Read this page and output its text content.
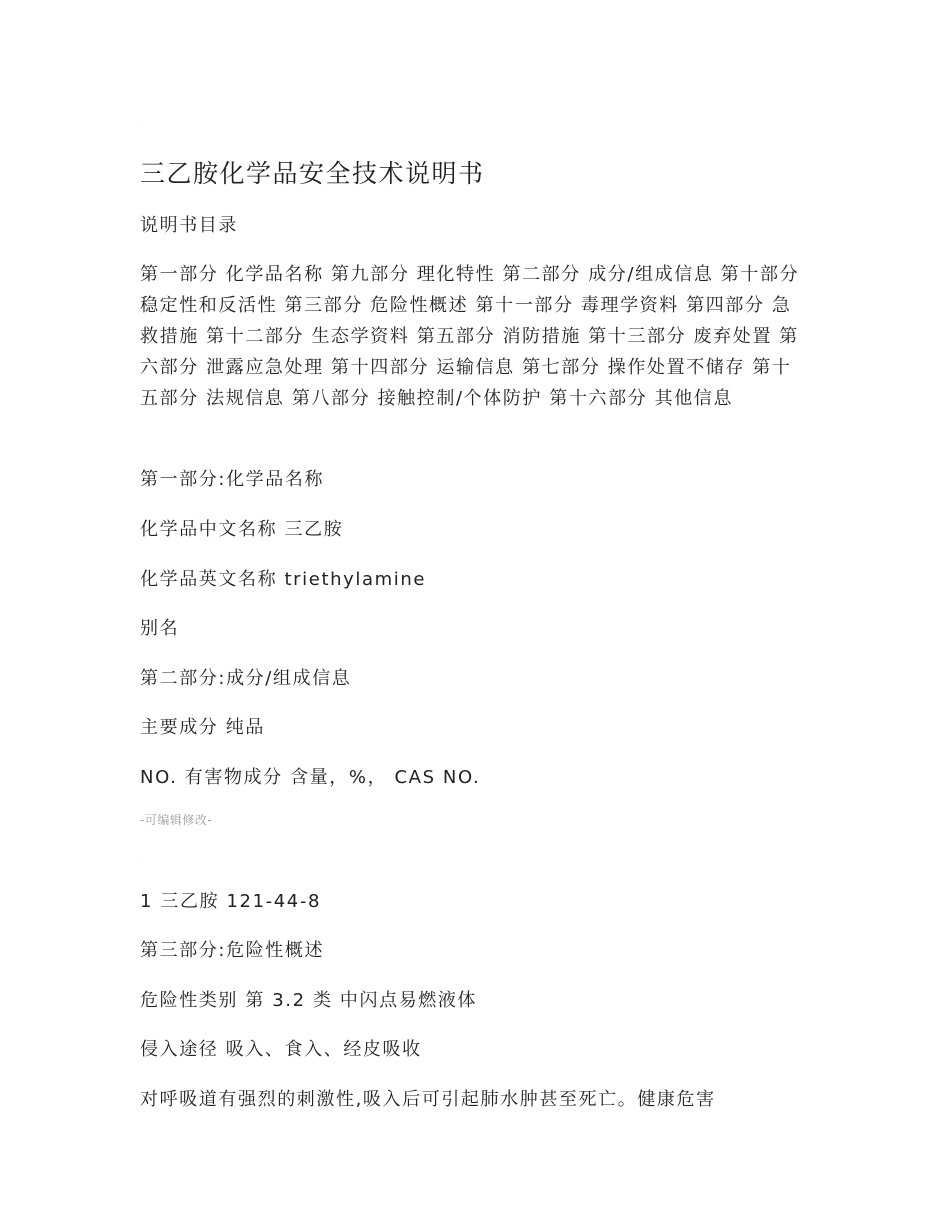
·
三乙胺化学品安全技术说明书
说明书目录
第一部分 化学品名称 第九部分 理化特性 第二部分 成分/组成信息 第十部分 稳定性和反活性 第三部分 危险性概述 第十一部分 毒理学资料 第四部分 急救措施 第十二部分 生态学资料 第五部分 消防措施 第十三部分 废弃处置 第六部分 泄露应急处理 第十四部分 运输信息 第七部分 操作处置不储存 第十五部分 法规信息 第八部分 接触控制/个体防护 第十六部分 其他信息
第一部分:化学品名称
化学品中文名称 三乙胺
化学品英文名称 triethylamine
别名
第二部分:成分/组成信息
主要成分 纯品
NO. 有害物成分 含量，%， CAS NO.
-可编辑修改-
·
1 三乙胺 121-44-8
第三部分:危险性概述
危险性类别 第 3.2 类 中闪点易燃液体
侵入途径 吸入、食入、经皮吸收
对呼吸道有强烈的刺激性,吸入后可引起肺水肿甚至死亡。健康危害
